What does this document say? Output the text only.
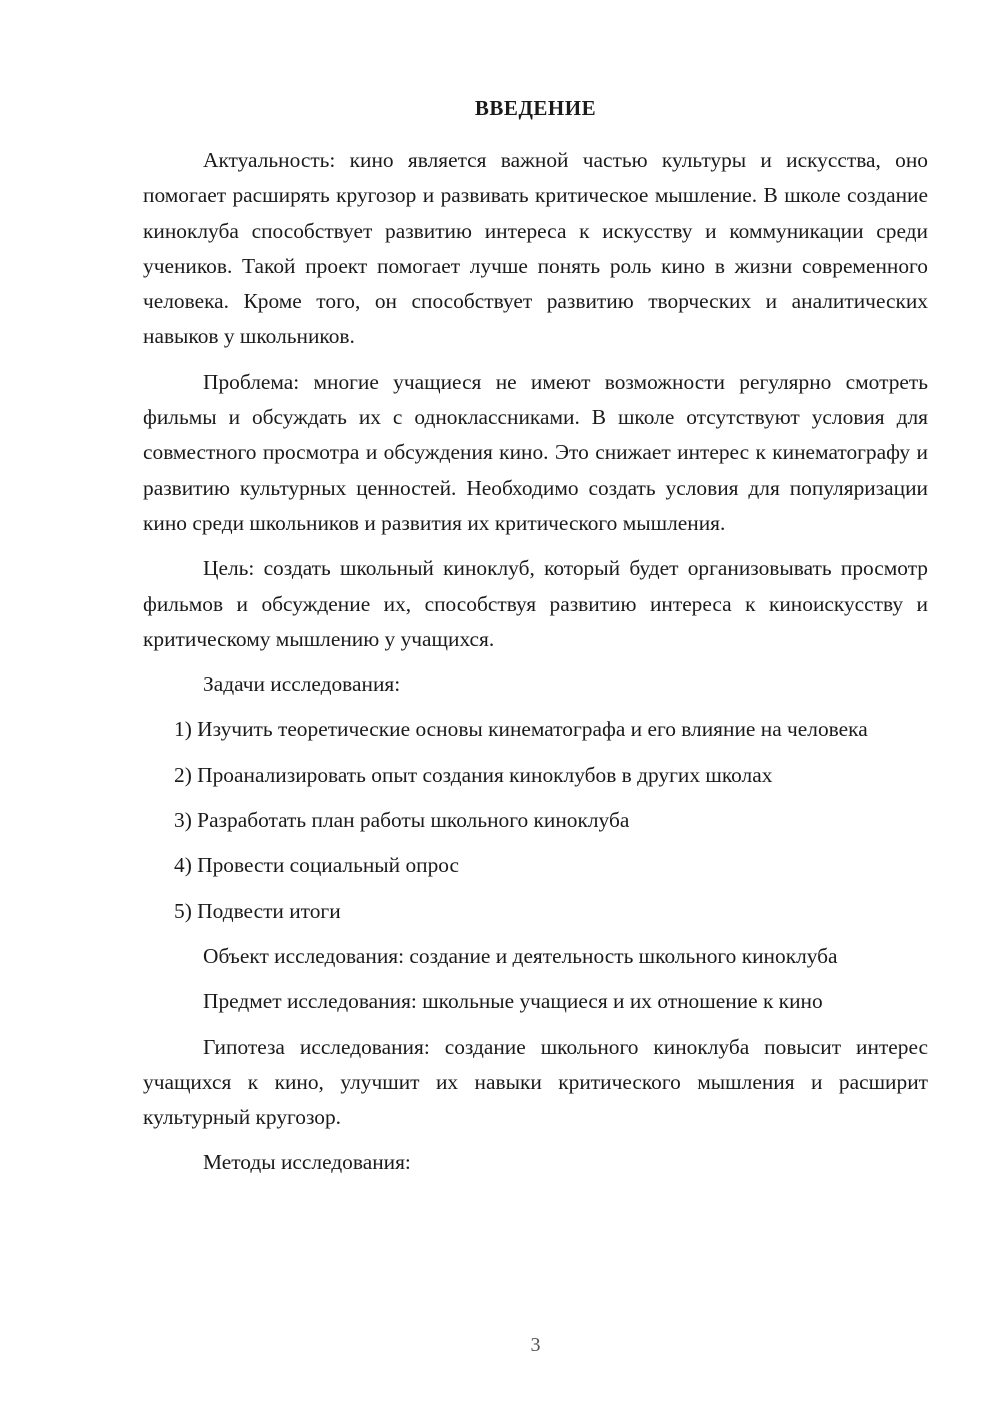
ВВЕДЕНИЕ

Актуальность: кино является важной частью культуры и искусства, оно помогает расширять кругозор и развивать критическое мышление. В школе создание киноклуба способствует развитию интереса к искусству и коммуникации среди учеников. Такой проект помогает лучше понять роль кино в жизни современного человека. Кроме того, он способствует развитию творческих и аналитических навыков у школьников.

Проблема: многие учащиеся не имеют возможности регулярно смотреть фильмы и обсуждать их с одноклассниками. В школе отсутствуют условия для совместного просмотра и обсуждения кино. Это снижает интерес к кинематографу и развитию культурных ценностей. Необходимо создать условия для популяризации кино среди школьников и развития их критического мышления.

Цель: создать школьный киноклуб, который будет организовывать просмотр фильмов и обсуждение их, способствуя развитию интереса к киноискусству и критическому мышлению у учащихся.

Задачи исследования:

1) Изучить теоретические основы кинематографа и его влияние на человека

2) Проанализировать опыт создания киноклубов в других школах

3) Разработать план работы школьного киноклуба

4) Провести социальный опрос

5) Подвести итоги

Объект исследования: создание и деятельность школьного киноклуба

Предмет исследования: школьные учащиеся и их отношение к кино

Гипотеза исследования: создание школьного киноклуба повысит интерес учащихся к кино, улучшит их навыки критического мышления и расширит культурный кругозор.

Методы исследования:

3
